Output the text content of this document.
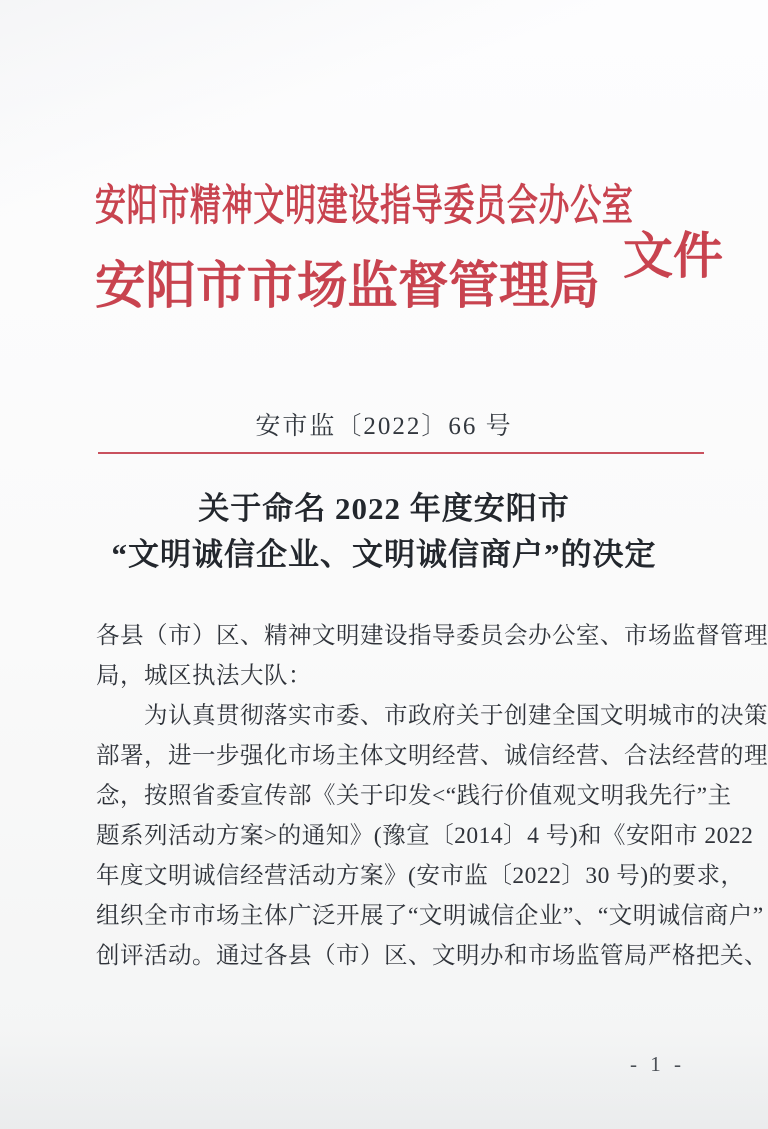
安阳市精神文明建设指导委员会办公室
安阳市市场监督管理局
文件
安市监〔2022〕66 号
关于命名 2022 年度安阳市
“文明诚信企业、文明诚信商户”的决定
各县（市）区、精神文明建设指导委员会办公室、市场监督管理
局，城区执法大队：
　　为认真贯彻落实市委、市政府关于创建全国文明城市的决策
部署，进一步强化市场主体文明经营、诚信经营、合法经营的理
念，按照省委宣传部《关于印发<“践行价值观文明我先行”主
题系列活动方案>的通知》(豫宣〔2014〕4 号)和《安阳市 2022
年度文明诚信经营活动方案》(安市监〔2022〕30 号)的要求，
组织全市市场主体广泛开展了“文明诚信企业”、“文明诚信商户”
创评活动。通过各县（市）区、文明办和市场监管局严格把关、
- 1 -
